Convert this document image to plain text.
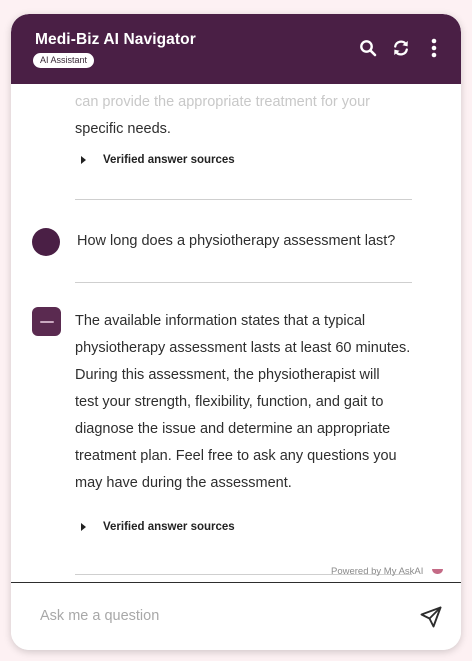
Medi-Biz AI Navigator
AI Assistant
can provide the appropriate treatment for your
specific needs.
Verified answer sources
How long does a physiotherapy assessment last?
The available information states that a typical
physiotherapy assessment lasts at least 60 minutes.
During this assessment, the physiotherapist will
test your strength, flexibility, function, and gait to
diagnose the issue and determine an appropriate
treatment plan. Feel free to ask any questions you
may have during the assessment.
Verified answer sources
Powered by My AskAI
Ask me a question
